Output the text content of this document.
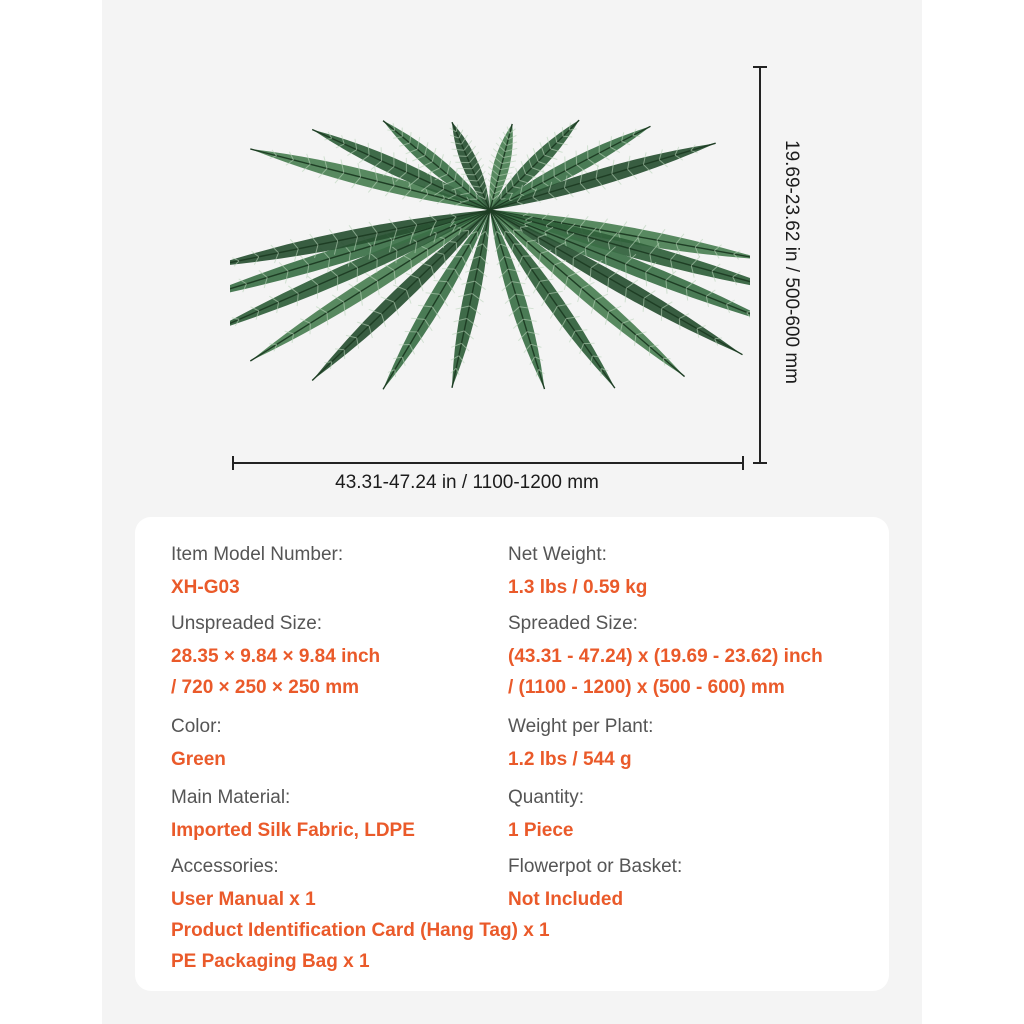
43.31-47.24 in / 1100-1200 mm
19.69-23.62 in / 500-600 mm
Item Model Number:
XH-G03
Net Weight:
1.3 lbs / 0.59 kg
Unspreaded Size:
28.35 × 9.84 × 9.84 inch
/ 720 × 250 × 250 mm
Spreaded Size:
(43.31 - 47.24) x (19.69 - 23.62) inch
/ (1100 - 1200) x (500 - 600) mm
Color:
Green
Weight per Plant:
1.2 lbs / 544 g
Main Material:
Imported Silk Fabric, LDPE
Quantity:
1 Piece
Accessories:
User Manual x 1
Product Identification Card (Hang Tag) x 1
PE Packaging Bag x 1
Flowerpot or Basket:
Not Included
